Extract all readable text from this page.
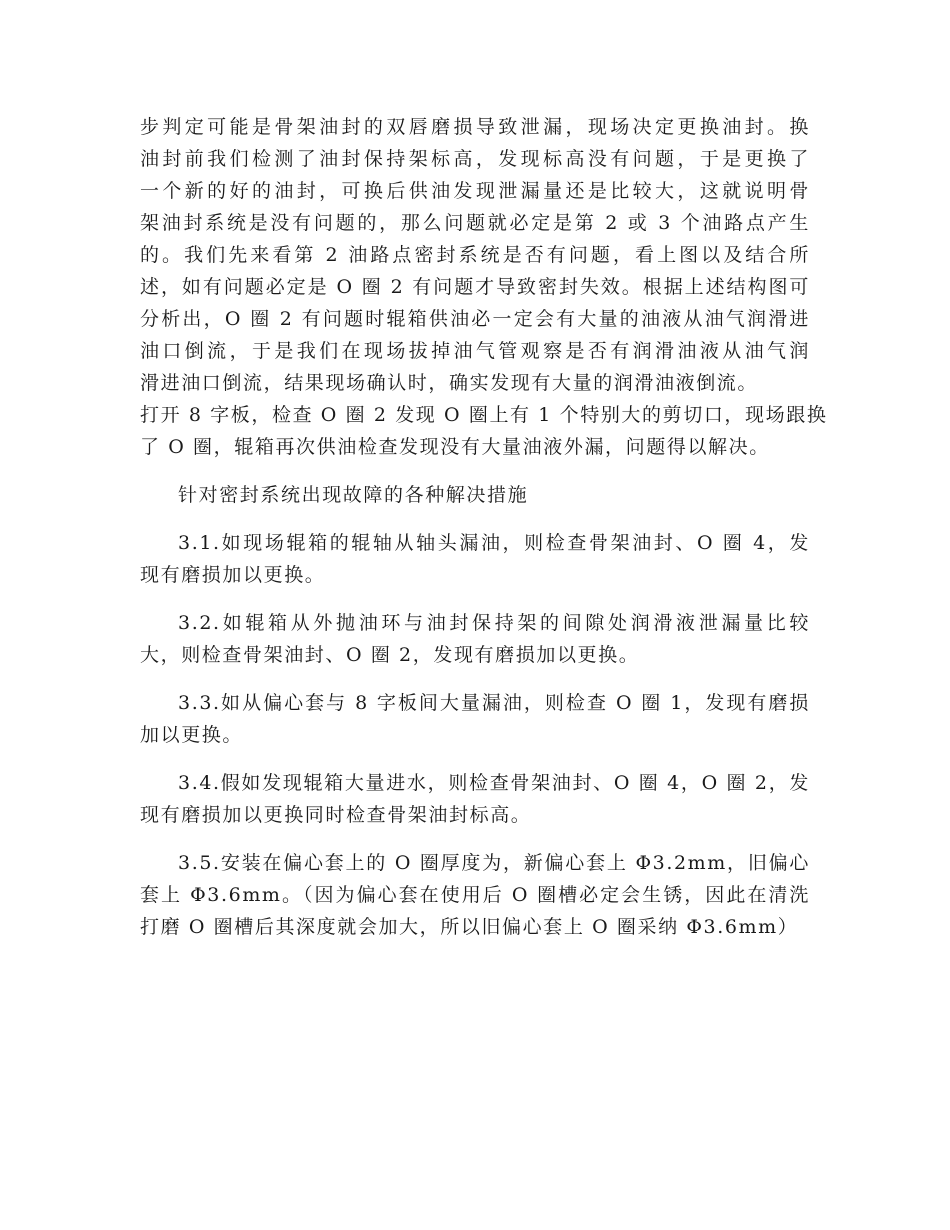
步判定可能是骨架油封的双唇磨损导致泄漏，现场决定更换油封。换
油封前我们检测了油封保持架标高，发现标高没有问题，于是更换了
一个新的好的油封，可换后供油发现泄漏量还是比较大，这就说明骨
架油封系统是没有问题的，那么问题就必定是第 2 或 3 个油路点产生
的。我们先来看第 2 油路点密封系统是否有问题，看上图以及结合所
述，如有问题必定是 O 圈 2 有问题才导致密封失效。根据上述结构图可
分析出，O 圈 2 有问题时辊箱供油必一定会有大量的油液从油气润滑进
油口倒流，于是我们在现场拔掉油气管观察是否有润滑油液从油气润
滑进油口倒流，结果现场确认时，确实发现有大量的润滑油液倒流。
打开 8 字板，检查 O 圈 2 发现 O 圈上有 1 个特别大的剪切口，现场跟换
了 O 圈，辊箱再次供油检查发现没有大量油液外漏，问题得以解决。
针对密封系统出现故障的各种解决措施
3.1.如现场辊箱的辊轴从轴头漏油，则检查骨架油封、O 圈 4，发
现有磨损加以更换。
3.2.如辊箱从外抛油环与油封保持架的间隙处润滑液泄漏量比较
大，则检查骨架油封、O 圈 2，发现有磨损加以更换。
3.3.如从偏心套与 8 字板间大量漏油，则检查 O 圈 1，发现有磨损
加以更换。
3.4.假如发现辊箱大量进水，则检查骨架油封、O 圈 4，O 圈 2，发
现有磨损加以更换同时检查骨架油封标高。
3.5.安装在偏心套上的 O 圈厚度为，新偏心套上 Φ3.2mm，旧偏心
套上 Φ3.6mm。（因为偏心套在使用后 O 圈槽必定会生锈，因此在清洗
打磨 O 圈槽后其深度就会加大，所以旧偏心套上 O 圈采纳 Φ3.6mm）
